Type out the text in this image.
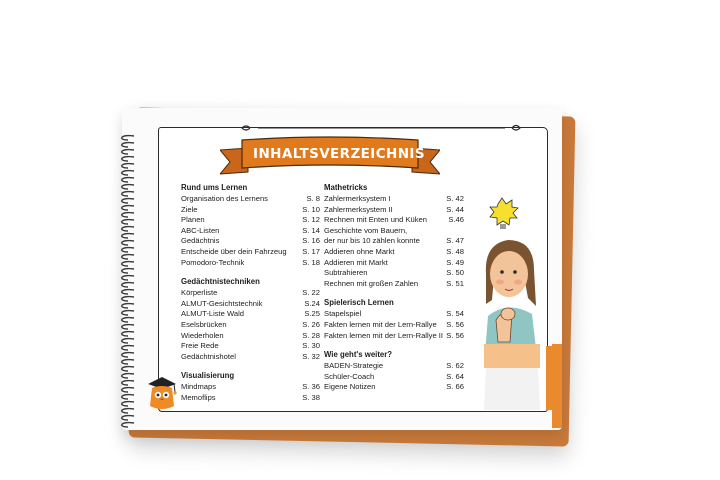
INHALTSVERZEICHNIS
Rund ums Lernen
Organisation des Lernens	S. 8
Ziele	S. 10
Planen	S. 12
ABC-Listen	S. 14
Gedächtnis	S. 16
Entscheide über dein Fahrzeug	S. 17
Pomodoro-Technik	S. 18
Gedächtnistechniken
Körperliste	S. 22
ALMUT-Gesichtstechnik	S.24
ALMUT-Liste Wald	S.25
Eselsbrücken	S. 26
Wiederholen	S. 28
Freie Rede	S. 30
Gedächtnishotel	S. 32
Visualisierung
Mindmaps	S. 36
Memoflips	S. 38
Mathetricks
Zahlermerksystem I	S. 42
Zahlermerksystem II	S. 44
Rechnen mit Enten und Küken	S.46
Geschichte vom Bauern,
der nur bis 10 zählen konnte	S. 47
Addieren ohne Markt	S. 48
Addieren mit Markt	S. 49
Subtrahieren	S. 50
Rechnen mit großen Zahlen	S. 51
Spielerisch Lernen
Stapelspiel	S. 54
Fakten lernen mit der Lern-Rallye	S. 56
Fakten lernen mit der Lern-Rallye II S. 56
Wie geht's weiter?
BADEN-Strategie	S. 62
Schüler-Coach	S. 64
Eigene Notizen	S. 66
